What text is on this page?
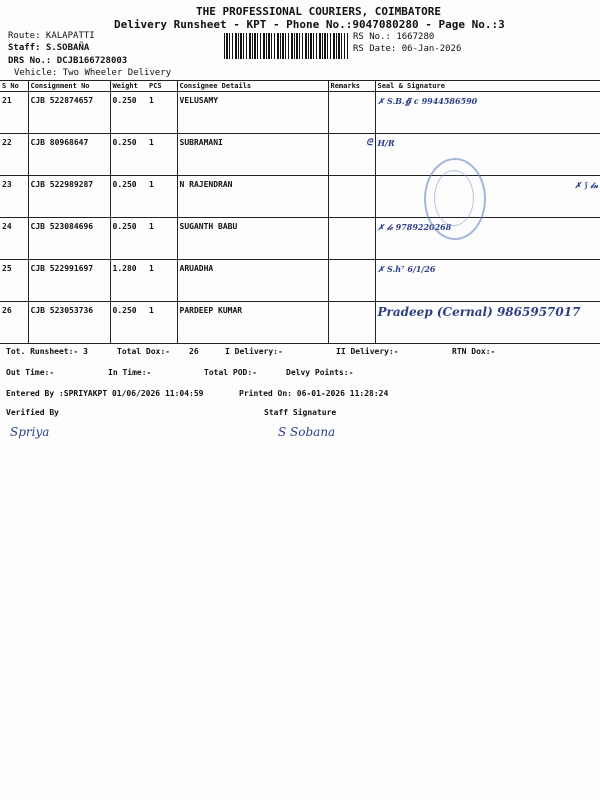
THE PROFESSIONAL COURIERS, COIMBATORE
Delivery Runsheet - KPT - Phone No.:9047080280 - Page No.:3
Route: KALAPATTI
Staff: S.SOBAÑA
DRS No.: DCJB166728003
Vehicle: Two Wheeler Delivery
RS No.: 1667280
RS Date: 06-Jan-2026
S No	Consignment No	Weight	PCS	Consignee Details	Remarks	Seal & Signature
21	CJB 522874657	0.250	1	VELUSAMY		✗ S.B.∯ c 9944586590
22	CJB 80968647	0.250	1	SUBRAMANI	ᘓ	H/R
23	CJB 522989287	0.250	1	N RAJENDRAN		✗ ⟆ 𝓁𝓃
24	CJB 523084696	0.250	1	SUGANTH BABU		✗ 𝓁𝒸 9789220268
25	CJB 522991697	1.280	1	ARUADHA		✗ S.h⁷ 6/1/26
26	CJB 523053736	0.250	1	PARDEEP KUMAR		Pradeep (Cernal) 9865957017
Tot. Runsheet:- 3	Total Dox:- 26	I Delivery:-	II Delivery:-	RTN Dox:-
Out Time:-	In Time:-	Total POD:-	Delvy Points:-
Entered By :SPRIYAKPT 01/06/2026 11:04:59	Printed On: 06-01-2026 11:28:24
Verified By	Staff Signature
Spriya	S Sobana
